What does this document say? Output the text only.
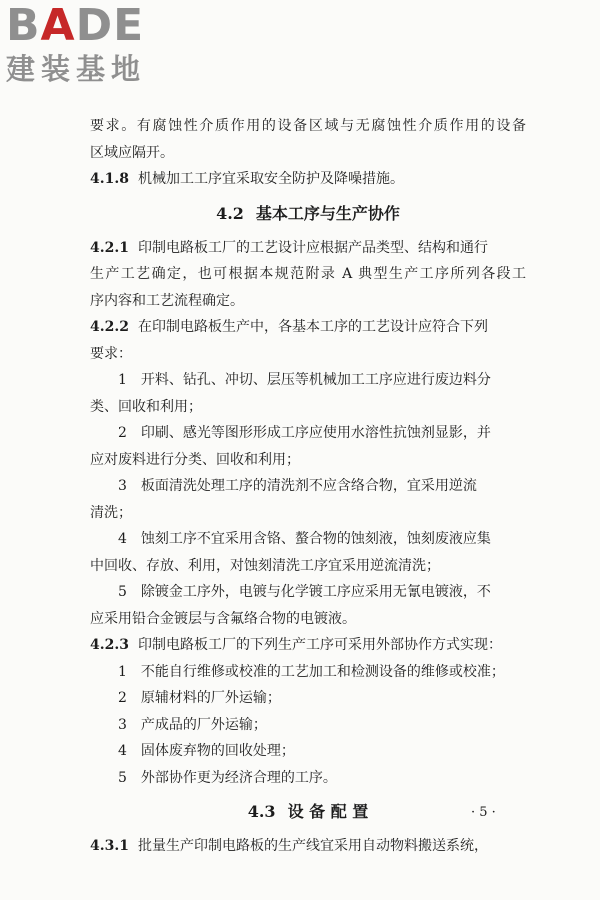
BADE
建装基地
要求。有腐蚀性介质作用的设备区域与无腐蚀性介质作用的设备
区域应隔开。
4.1.8 机械加工工序宜采取安全防护及降噪措施。
4.2 基本工序与生产协作
4.2.1 印制电路板工厂的工艺设计应根据产品类型、结构和通行
生产工艺确定，也可根据本规范附录 A 典型生产工序所列各段工
序内容和工艺流程确定。
4.2.2 在印制电路板生产中，各基本工序的工艺设计应符合下列
要求：
1　开料、钻孔、冲切、层压等机械加工工序应进行废边料分
类、回收和利用；
2　印刷、感光等图形形成工序应使用水溶性抗蚀剂显影，并
应对废料进行分类、回收和利用；
3　板面清洗处理工序的清洗剂不应含络合物，宜采用逆流
清洗；
4　蚀刻工序不宜采用含铬、螯合物的蚀刻液，蚀刻废液应集
中回收、存放、利用，对蚀刻清洗工序宜采用逆流清洗；
5　除镀金工序外，电镀与化学镀工序应采用无氰电镀液，不
应采用铅合金镀层与含氟络合物的电镀液。
4.2.3 印制电路板工厂的下列生产工序可采用外部协作方式实现：
1　不能自行维修或校准的工艺加工和检测设备的维修或校准；
2　原辅材料的厂外运输；
3　产成品的厂外运输；
4　固体废弃物的回收处理；
5　外部协作更为经济合理的工序。
4.3 设 备 配 置
4.3.1 批量生产印制电路板的生产线宜采用自动物料搬送系统，
· 5 ·
